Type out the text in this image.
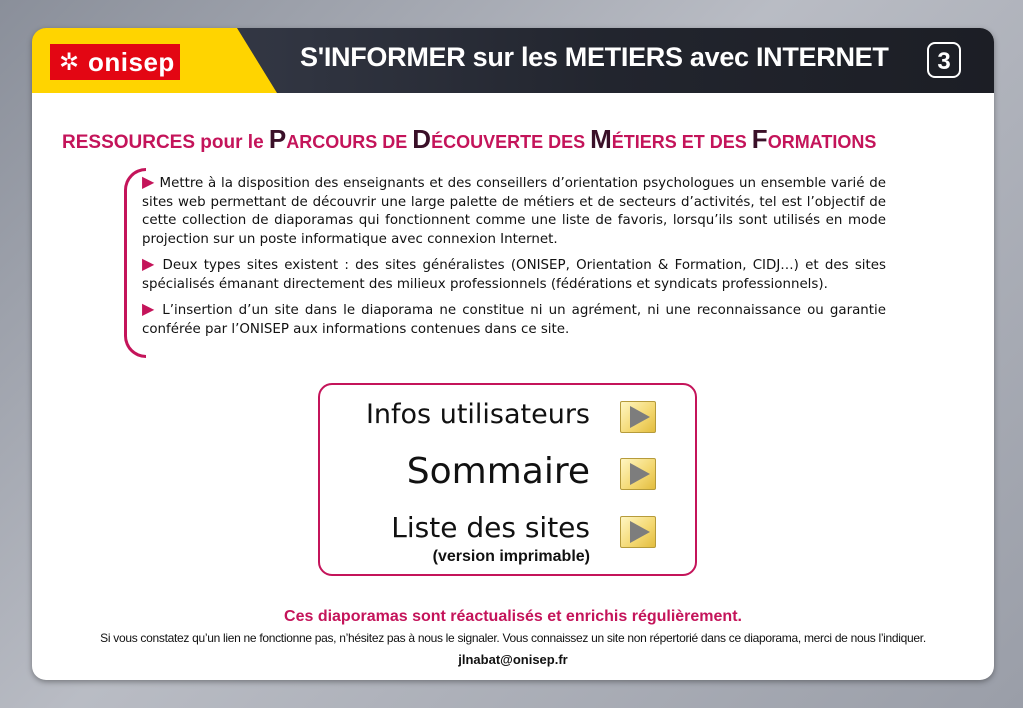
✲ onisep	S'INFORMER sur les METIERS avec INTERNET	3
RESSOURCES pour le PARCOURS DE DÉCOUVERTE DES MÉTIERS ET DES FORMATIONS

▶ Mettre à la disposition des enseignants et des conseillers d’orientation psychologues un ensemble varié de sites web permettant de découvrir une large palette de métiers et de secteurs d’activités, tel est l’objectif de cette collection de diaporamas qui fonctionnent comme une liste de favoris, lorsqu’ils sont utilisés en mode projection sur un poste informatique avec connexion Internet.

▶ Deux types sites existent : des sites généralistes (ONISEP, Orientation & Formation, CIDJ…) et des sites spécialisés émanant directement des milieux professionnels (fédérations et syndicats professionnels).

▶ L’insertion d’un site dans le diaporama ne constitue ni un agrément, ni une reconnaissance ou garantie conférée par l’ONISEP aux informations contenues dans ce site.

Infos utilisateurs
Sommaire
Liste des sites
(version imprimable)
Ces diaporamas sont réactualisés et enrichis régulièrement.
Si vous constatez qu’un lien ne fonctionne pas, n’hésitez pas à nous le signaler. Vous connaissez un site non répertorié dans ce diaporama, merci de nous l’indiquer.
jlnabat@onisep.fr
